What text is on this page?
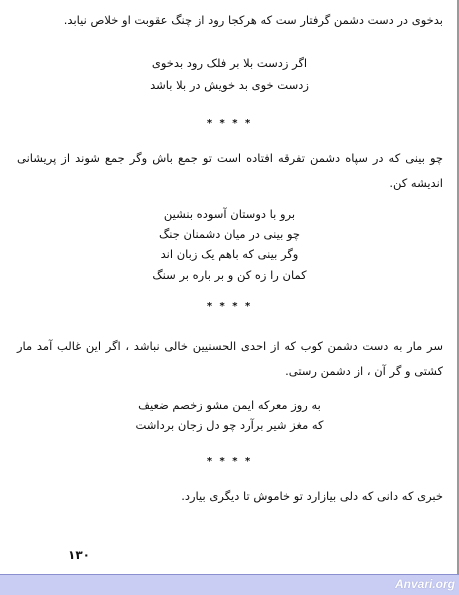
بدخوی در دست دشمن گرفتار ست که هرکجا رود از چنگ عقوبت او خلاص نیابد.
اگر زدست بلا بر فلک رود بدخوی
زدست خوی بد خویش در بلا باشد
* * * *
چو بینی که در سپاه دشمن تفرقه افتاده است تو جمع باش وگر جمع شوند از پریشانی اندیشه کن.
برو با دوستان آسوده بنشین
چو بینی در میان دشمنان جنگ
وگر بینی که باهم یک زبان اند
کمان را زه کن و بر باره بر سنگ
* * * *
سر مار به دست دشمن کوب که از احدی الحسنیین خالی نباشد ، اگر این غالب آمد مار کشتی و گر آن ، از دشمن رستی.
به روز معرکه ایمن مشو زخصم ضعیف
که مغز شیر برآرد چو دل زجان برداشت
* * * *
خبری که دانی که دلی بیازارد تو خاموش تا دیگری بیارد.
۱۳۰
Anvari.org
